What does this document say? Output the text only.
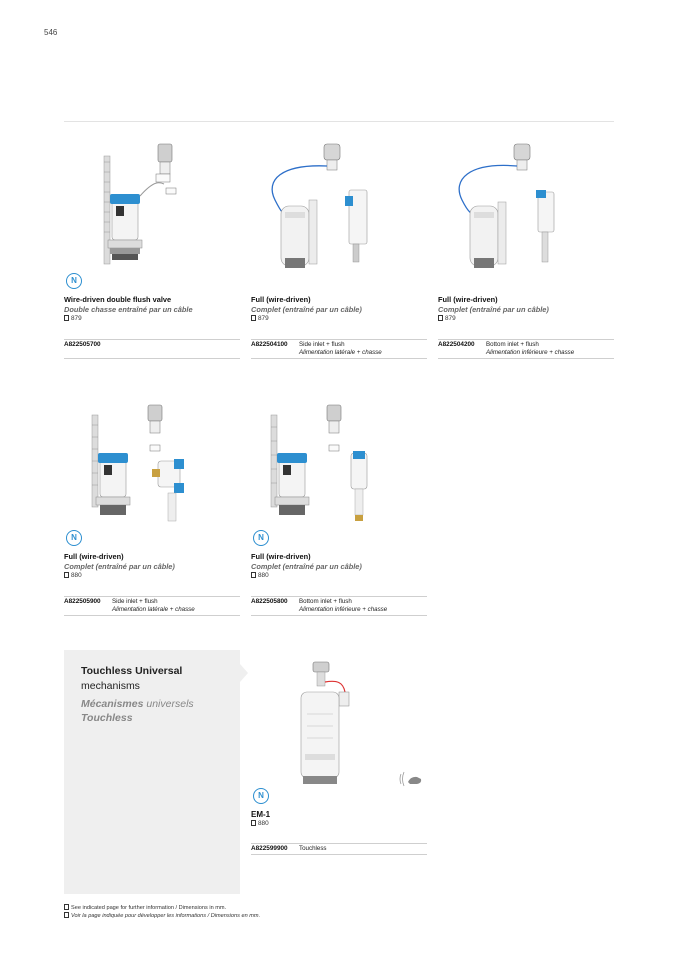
546
N
Wire-driven double flush valve
Double chasse entraîné par un câble
879
A822505700
Full (wire-driven)
Complet (entraîné par un câble)
879
A822504100 Side inlet + flush
Alimentation latérale + chasse
Full (wire-driven)
Complet (entraîné par un câble)
879
A822504200 Bottom inlet + flush
Alimentation inférieure + chasse
N
Full (wire-driven)
Complet (entraîné par un câble)
880
A822505900 Side inlet + flush
Alimentation latérale + chasse
N
Full (wire-driven)
Complet (entraîné par un câble)
880
A822505800 Bottom inlet + flush
Alimentation inférieure + chasse
Touchless Universal
mechanisms
Mécanismes universels
Touchless
N
EM-1
880
A822599900 Touchless
See indicated page for further information / Dimensions in mm.
Voir la page indiquée pour développer les informations / Dimensions en mm.
